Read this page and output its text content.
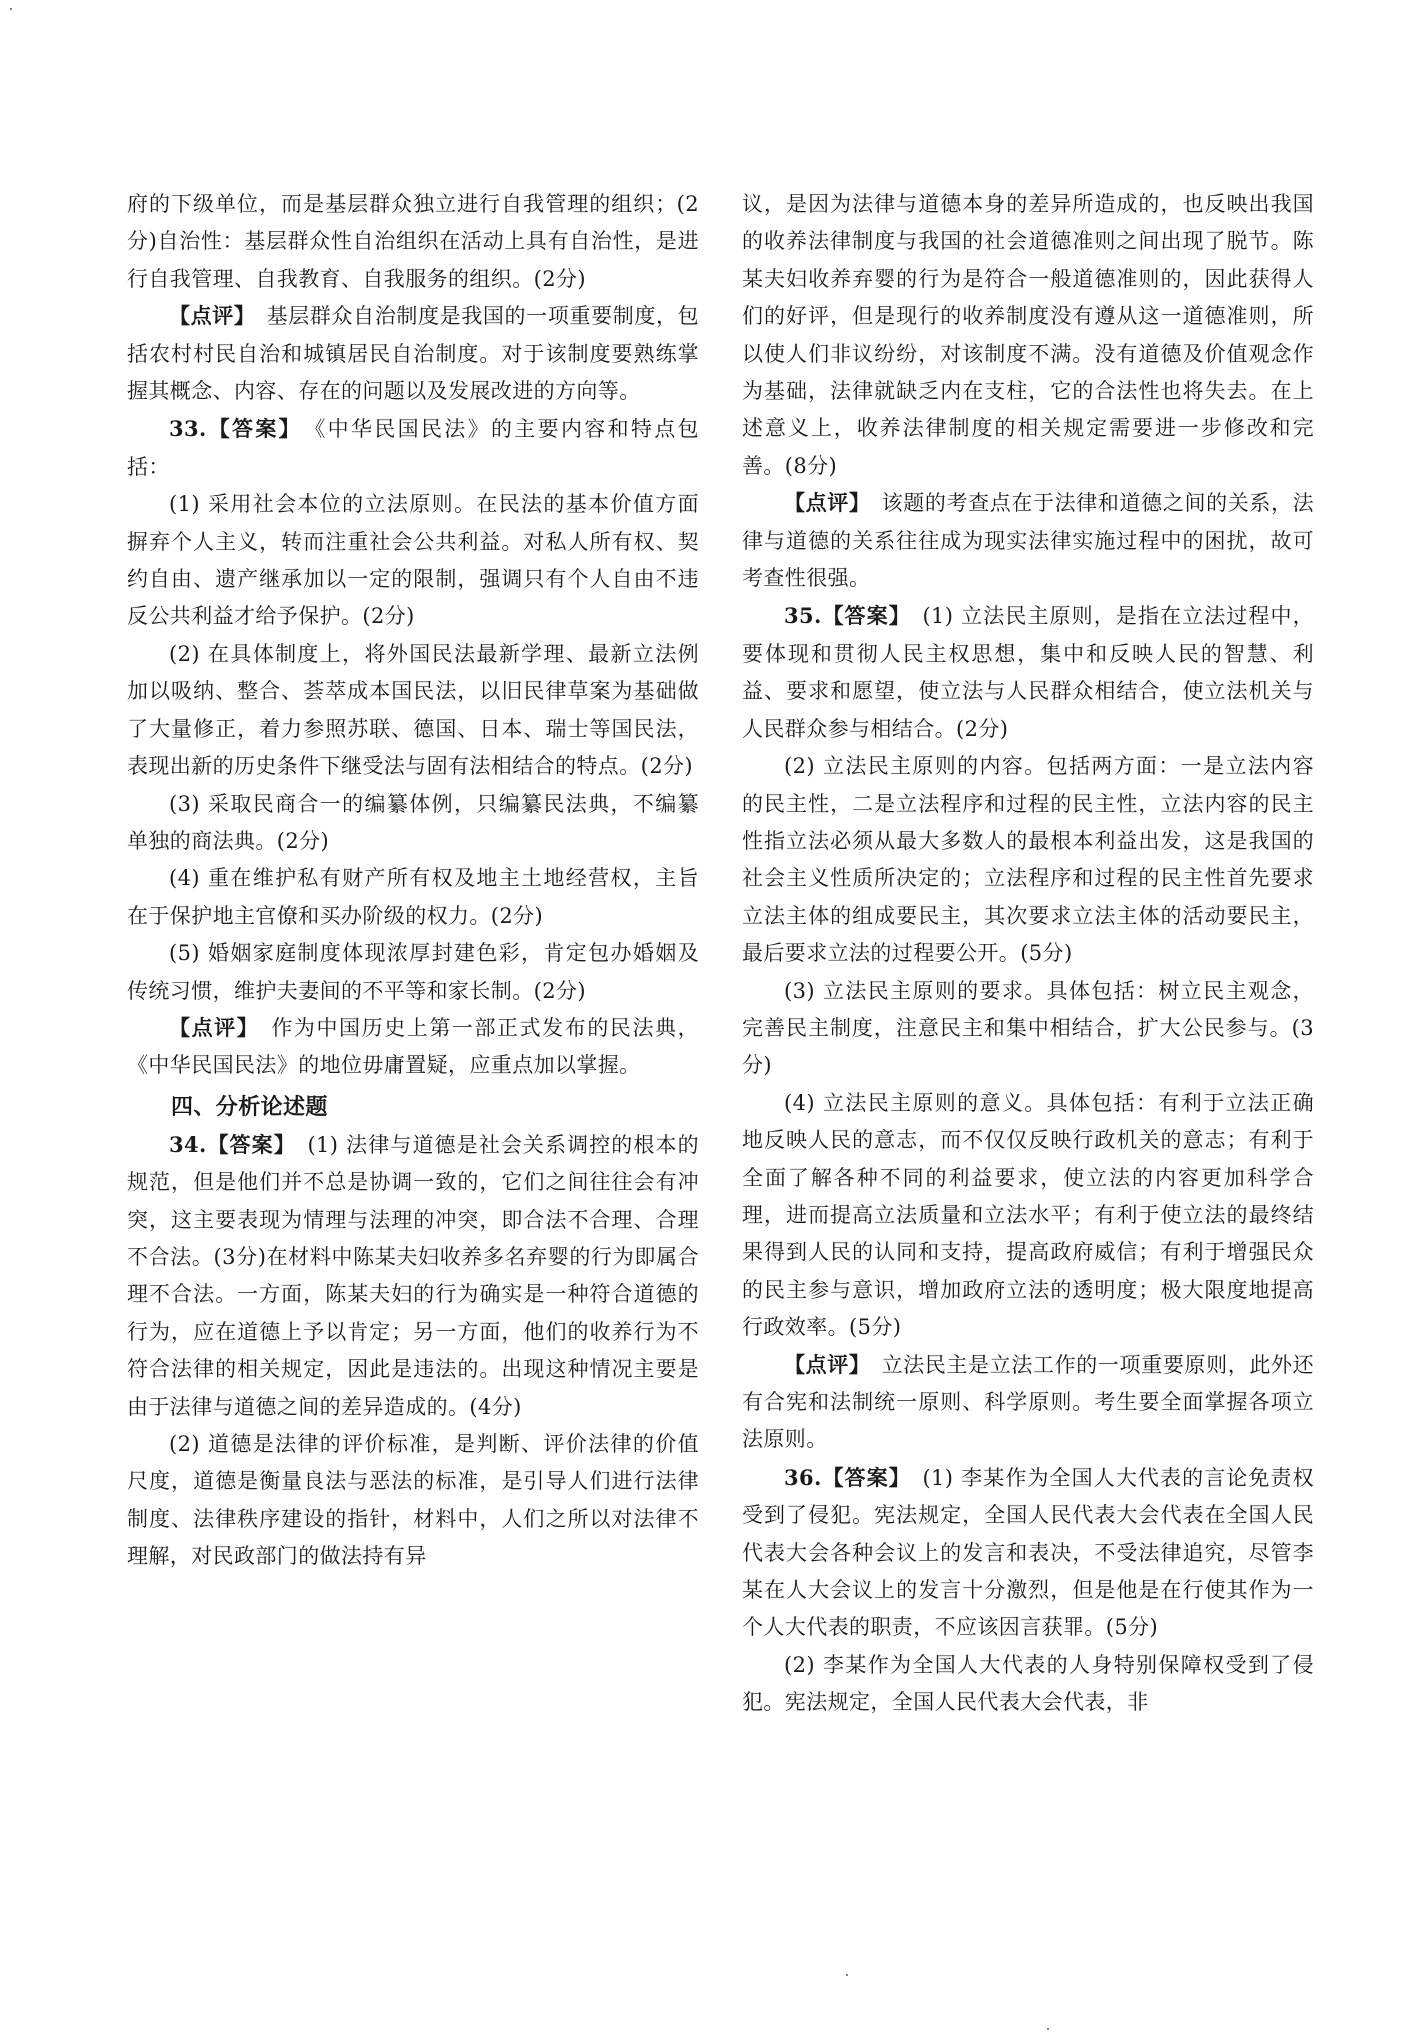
府的下级单位，而是基层群众独立进行自我管理的组织；(2分)自治性：基层群众性自治组织在活动上具有自治性，是进行自我管理、自我教育、自我服务的组织。(2分)

【点评】　基层群众自治制度是我国的一项重要制度，包括农村村民自治和城镇居民自治制度。对于该制度要熟练掌握其概念、内容、存在的问题以及发展改进的方向等。

33.【答案】　《中华民国民法》的主要内容和特点包括：

(1) 采用社会本位的立法原则。在民法的基本价值方面摒弃个人主义，转而注重社会公共利益。对私人所有权、契约自由、遗产继承加以一定的限制，强调只有个人自由不违反公共利益才给予保护。(2分)

(2) 在具体制度上，将外国民法最新学理、最新立法例加以吸纳、整合、荟萃成本国民法，以旧民律草案为基础做了大量修正，着力参照苏联、德国、日本、瑞士等国民法，表现出新的历史条件下继受法与固有法相结合的特点。(2分)

(3) 采取民商合一的编纂体例，只编纂民法典，不编纂单独的商法典。(2分)

(4) 重在维护私有财产所有权及地主土地经营权，主旨在于保护地主官僚和买办阶级的权力。(2分)

(5) 婚姻家庭制度体现浓厚封建色彩，肯定包办婚姻及传统习惯，维护夫妻间的不平等和家长制。(2分)

【点评】　作为中国历史上第一部正式发布的民法典，《中华民国民法》的地位毋庸置疑，应重点加以掌握。

四、分析论述题

34.【答案】　(1) 法律与道德是社会关系调控的根本的规范，但是他们并不总是协调一致的，它们之间往往会有冲突，这主要表现为情理与法理的冲突，即合法不合理、合理不合法。(3分)在材料中陈某夫妇收养多名弃婴的行为即属合理不合法。一方面，陈某夫妇的行为确实是一种符合道德的行为，应在道德上予以肯定；另一方面，他们的收养行为不符合法律的相关规定，因此是违法的。出现这种情况主要是由于法律与道德之间的差异造成的。(4分)

(2) 道德是法律的评价标准，是判断、评价法律的价值尺度，道德是衡量良法与恶法的标准，是引导人们进行法律制度、法律秩序建设的指针，材料中，人们之所以对法律不理解，对民政部门的做法持有异

议，是因为法律与道德本身的差异所造成的，也反映出我国的收养法律制度与我国的社会道德准则之间出现了脱节。陈某夫妇收养弃婴的行为是符合一般道德准则的，因此获得人们的好评，但是现行的收养制度没有遵从这一道德准则，所以使人们非议纷纷，对该制度不满。没有道德及价值观念作为基础，法律就缺乏内在支柱，它的合法性也将失去。在上述意义上，收养法律制度的相关规定需要进一步修改和完善。(8分)

【点评】　该题的考查点在于法律和道德之间的关系，法律与道德的关系往往成为现实法律实施过程中的困扰，故可考查性很强。

35.【答案】　(1) 立法民主原则，是指在立法过程中，要体现和贯彻人民主权思想，集中和反映人民的智慧、利益、要求和愿望，使立法与人民群众相结合，使立法机关与人民群众参与相结合。(2分)

(2) 立法民主原则的内容。包括两方面：一是立法内容的民主性，二是立法程序和过程的民主性，立法内容的民主性指立法必须从最大多数人的最根本利益出发，这是我国的社会主义性质所决定的；立法程序和过程的民主性首先要求立法主体的组成要民主，其次要求立法主体的活动要民主，最后要求立法的过程要公开。(5分)

(3) 立法民主原则的要求。具体包括：树立民主观念，完善民主制度，注意民主和集中相结合，扩大公民参与。(3分)

(4) 立法民主原则的意义。具体包括：有利于立法正确地反映人民的意志，而不仅仅反映行政机关的意志；有利于全面了解各种不同的利益要求，使立法的内容更加科学合理，进而提高立法质量和立法水平；有利于使立法的最终结果得到人民的认同和支持，提高政府威信；有利于增强民众的民主参与意识，增加政府立法的透明度；极大限度地提高行政效率。(5分)

【点评】　立法民主是立法工作的一项重要原则，此外还有合宪和法制统一原则、科学原则。考生要全面掌握各项立法原则。

36.【答案】　(1) 李某作为全国人大代表的言论免责权受到了侵犯。宪法规定，全国人民代表大会代表在全国人民代表大会各种会议上的发言和表决，不受法律追究，尽管李某在人大会议上的发言十分激烈，但是他是在行使其作为一个人大代表的职责，不应该因言获罪。(5分)

(2) 李某作为全国人大代表的人身特别保障权受到了侵犯。宪法规定，全国人民代表大会代表，非
